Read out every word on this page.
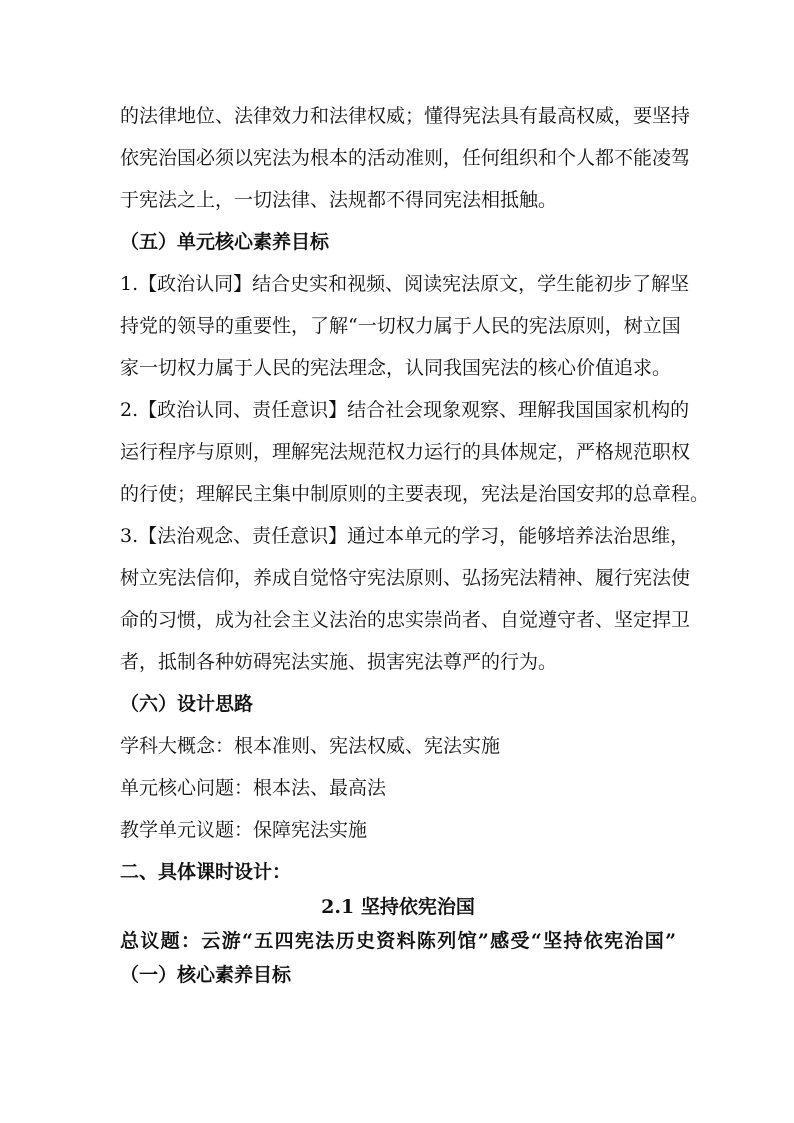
的法律地位、法律效力和法律权威；懂得宪法具有最高权威，要坚持
依宪治国必须以宪法为根本的活动准则，任何组织和个人都不能凌驾
于宪法之上，一切法律、法规都不得同宪法相抵触。
（五）单元核心素养目标
1.【政治认同】结合史实和视频、阅读宪法原文，学生能初步了解坚
持党的领导的重要性，了解“一切权力属于人民的宪法原则，树立国
家一切权力属于人民的宪法理念，认同我国宪法的核心价值追求。
2.【政治认同、责任意识】结合社会现象观察、理解我国国家机构的
运行程序与原则，理解宪法规范权力运行的具体规定，严格规范职权
的行使；理解民主集中制原则的主要表现，宪法是治国安邦的总章程。
3.【法治观念、责任意识】通过本单元的学习，能够培养法治思维，
树立宪法信仰，养成自觉恪守宪法原则、弘扬宪法精神、履行宪法使
命的习惯，成为社会主义法治的忠实崇尚者、自觉遵守者、坚定捍卫
者，抵制各种妨碍宪法实施、损害宪法尊严的行为。
（六）设计思路
学科大概念：根本准则、宪法权威、宪法实施
单元核心问题：根本法、最高法
教学单元议题：保障宪法实施
二、具体课时设计：
2.1 坚持依宪治国
总议题：云游“五四宪法历史资料陈列馆”感受“坚持依宪治国”
（一）核心素养目标
